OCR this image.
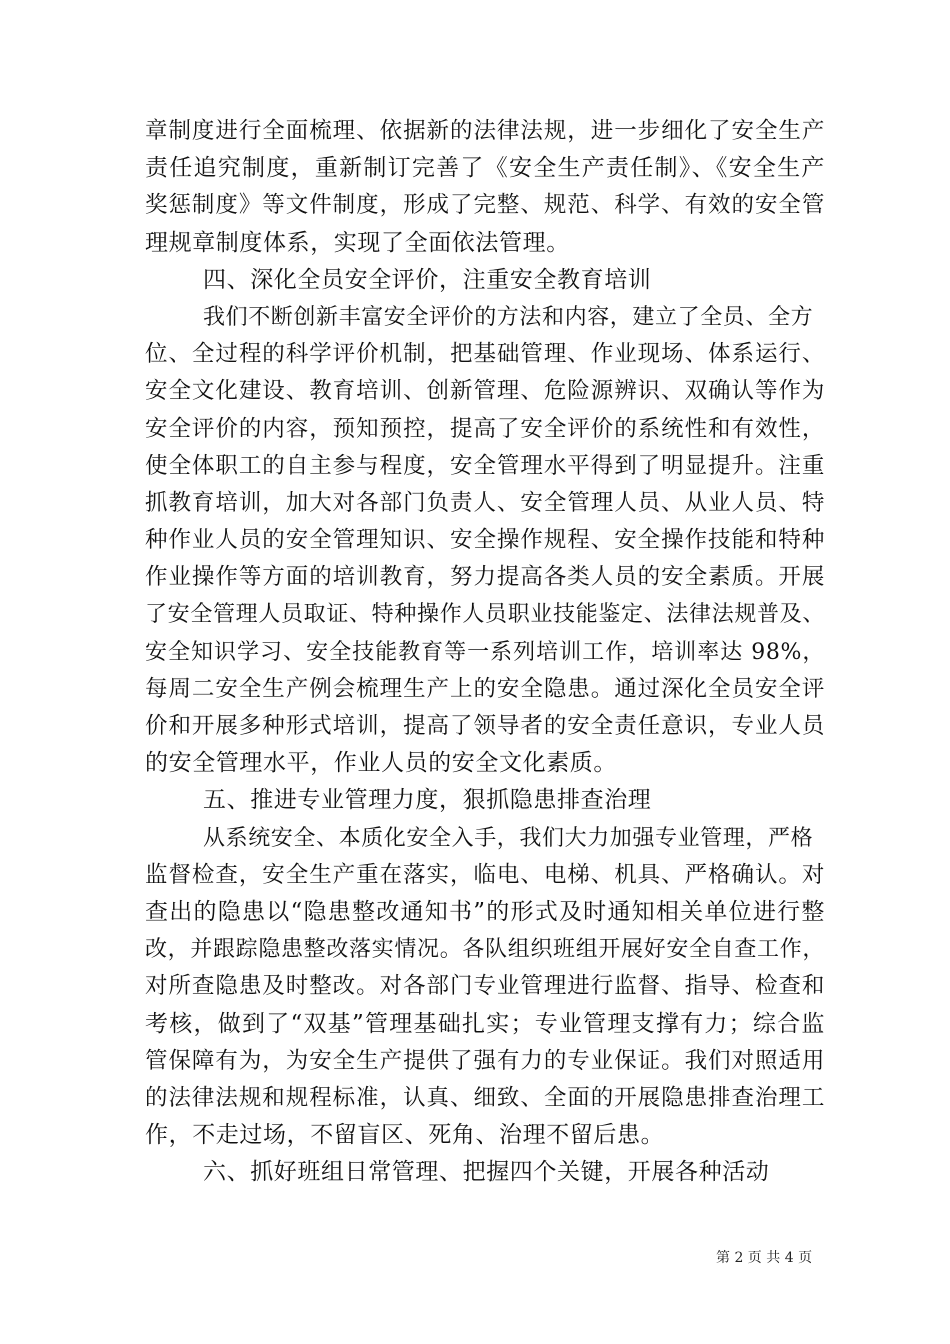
章制度进行全面梳理、依据新的法律法规，进一步细化了安全生产
责任追究制度，重新制订完善了《安全生产责任制》、《安全生产
奖惩制度》等文件制度，形成了完整、规范、科学、有效的安全管
理规章制度体系，实现了全面依法管理。
四、深化全员安全评价，注重安全教育培训
我们不断创新丰富安全评价的方法和内容，建立了全员、全方
位、全过程的科学评价机制，把基础管理、作业现场、体系运行、
安全文化建设、教育培训、创新管理、危险源辨识、双确认等作为
安全评价的内容，预知预控，提高了安全评价的系统性和有效性，
使全体职工的自主参与程度，安全管理水平得到了明显提升。注重
抓教育培训，加大对各部门负责人、安全管理人员、从业人员、特
种作业人员的安全管理知识、安全操作规程、安全操作技能和特种
作业操作等方面的培训教育，努力提高各类人员的安全素质。开展
了安全管理人员取证、特种操作人员职业技能鉴定、法律法规普及、
安全知识学习、安全技能教育等一系列培训工作，培训率达 98%，
每周二安全生产例会梳理生产上的安全隐患。通过深化全员安全评
价和开展多种形式培训，提高了领导者的安全责任意识，专业人员
的安全管理水平，作业人员的安全文化素质。
五、推进专业管理力度，狠抓隐患排查治理
从系统安全、本质化安全入手，我们大力加强专业管理，严格
监督检查，安全生产重在落实，临电、电梯、机具、严格确认。对
查出的隐患以“隐患整改通知书”的形式及时通知相关单位进行整
改，并跟踪隐患整改落实情况。各队组织班组开展好安全自查工作，
对所查隐患及时整改。对各部门专业管理进行监督、指导、检查和
考核，做到了“双基”管理基础扎实；专业管理支撑有力；综合监
管保障有为，为安全生产提供了强有力的专业保证。我们对照适用
的法律法规和规程标准，认真、细致、全面的开展隐患排查治理工
作，不走过场，不留盲区、死角、治理不留后患。
六、抓好班组日常管理、把握四个关键，开展各种活动
第 2 页 共 4 页
